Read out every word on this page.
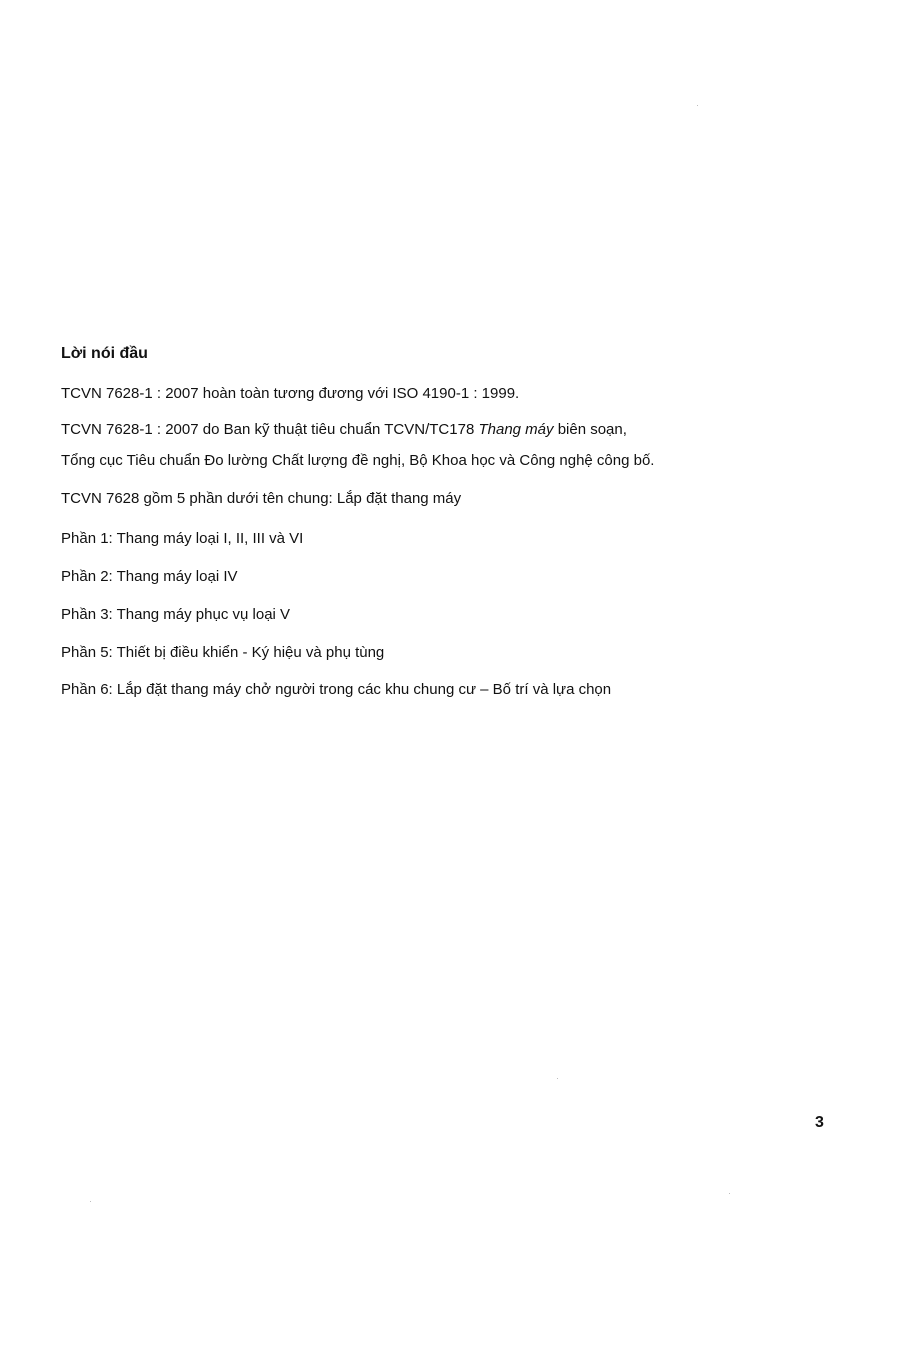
Lời nói đầu
TCVN 7628-1 : 2007 hoàn toàn tương đương với ISO 4190-1 : 1999.
TCVN 7628-1 : 2007 do Ban kỹ thuật tiêu chuẩn TCVN/TC178 Thang máy biên soạn,
Tổng cục Tiêu chuẩn Đo lường Chất lượng đề nghị, Bộ Khoa học và Công nghệ công bố.
TCVN 7628 gồm 5 phần dưới tên chung: Lắp đặt thang máy
Phần 1: Thang máy loại I, II, III và VI
Phần 2: Thang máy loại IV
Phần 3: Thang máy phục vụ loại V
Phần 5: Thiết bị điều khiển - Ký hiệu và phụ tùng
Phần 6: Lắp đặt thang máy chở người trong các khu chung cư – Bố trí và lựa chọn
3
